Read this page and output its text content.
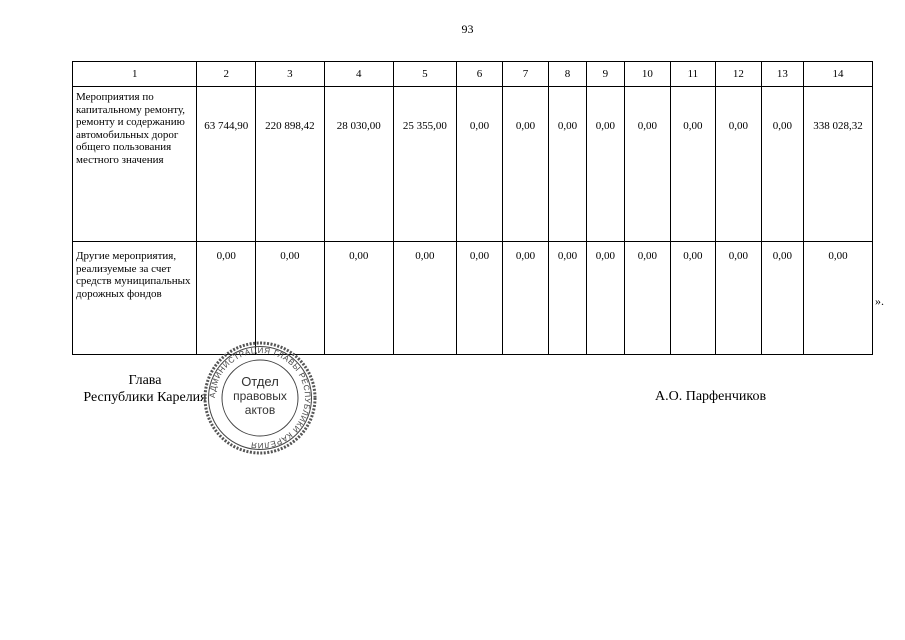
93
1	2	3	4	5	6	7	8	9	10	11	12	13	14
Мероприятия по капитальному ремонту, ремонту и содержанию автомобильных дорог общего пользования местного значения	63 744,90	220 898,42	28 030,00	25 355,00	0,00	0,00	0,00	0,00	0,00	0,00	0,00	0,00	338 028,32
Другие мероприятия, реализуемые за счет средств муниципальных дорожных фондов	0,00	0,00	0,00	0,00	0,00	0,00	0,00	0,00	0,00	0,00	0,00	0,00	0,00
».
Глава
Республики Карелия	А.О. Парфенчиков
АДМИНИСТРАЦИЯ ГЛАВЫ РЕСПУБЛИКИ КАРЕЛИЯ
Отдел
правовых
актов
